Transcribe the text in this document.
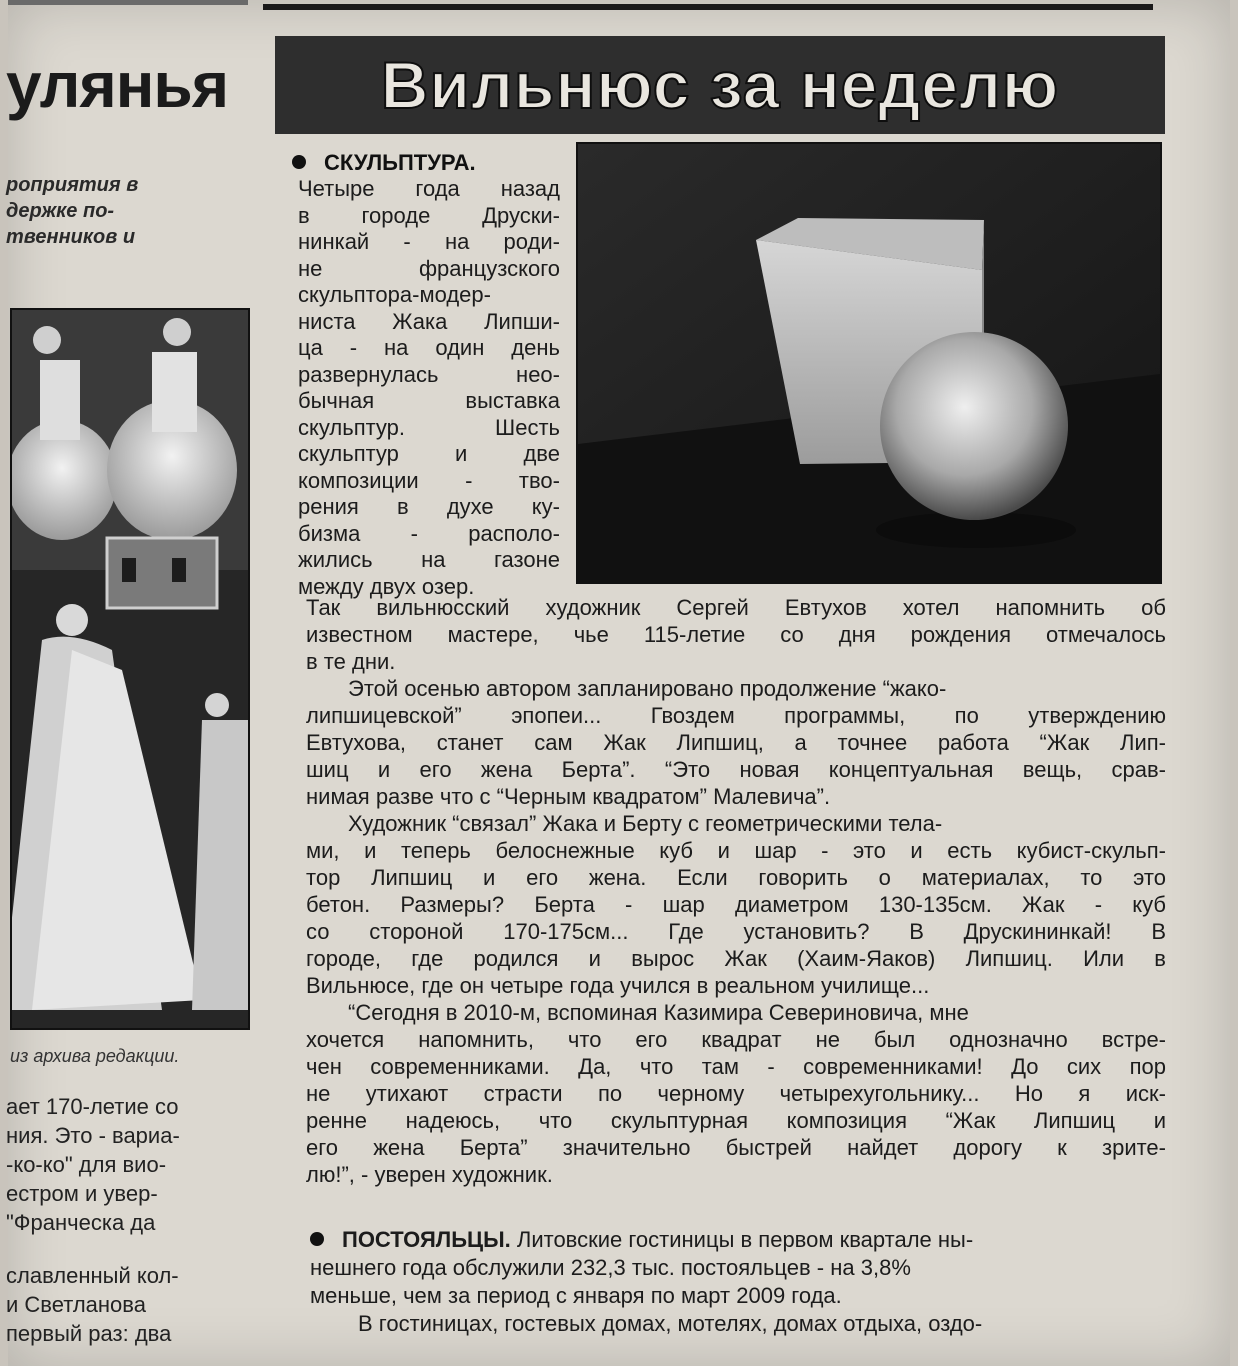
улянья
роприятия в
держке по-
твенников и
из архива редакции.
ает 170-летие со
ния. Это - вариа-
-ко-ко" для вио-
естром и увер-
"Франческа да
славленный кол-
и Светланова
первый раз: два
Вильнюс за неделю
СКУЛЬПТУРА.
Четыре года назад
в городе Друски-
нинкай - на роди-
не французского
скульптора-модер-
ниста Жака Липши-
ца - на один день
развернулась нео-
бычная выставка
скульптур. Шесть
скульптур и две
композиции - тво-
рения в духе ку-
бизма - располо-
жились на газоне
между двух озер.
Так вильнюсский художник Сергей Евтухов хотел напомнить об
известном мастере, чье 115-летие со дня рождения отмечалось
в те дни.
Этой осенью автором запланировано продолжение “жако-
липшицевской” эпопеи... Гвоздем программы, по утверждению
Евтухова, станет сам Жак Липшиц, а точнее работа “Жак Лип-
шиц и его жена Берта”. “Это новая концептуальная вещь, срав-
нимая разве что с “Черным квадратом” Малевича”.
Художник “связал” Жака и Берту с геометрическими тела-
ми, и теперь белоснежные куб и шар - это и есть кубист-скульп-
тор Липшиц и его жена. Если говорить о материалах, то это
бетон. Размеры? Берта - шар диаметром 130-135см. Жак - куб
со стороной 170-175см... Где установить? В Друскининкай! В
городе, где родился и вырос Жак (Хаим-Яаков) Липшиц. Или в
Вильнюсе, где он четыре года учился в реальном училище...
“Сегодня в 2010-м, вспоминая Казимира Севериновича, мне
хочется напомнить, что его квадрат не был однозначно встре-
чен современниками. Да, что там - современниками! До сих пор
не утихают страсти по черному четырехугольнику... Но я иск-
ренне надеюсь, что скульптурная композиция “Жак Липшиц и
его жена Берта” значительно быстрей найдет дорогу к зрите-
лю!”, - уверен художник.
ПОСТОЯЛЬЦЫ. Литовские гостиницы в первом квартале ны-
нешнего года обслужили 232,3 тыс. постояльцев - на 3,8%
меньше, чем за период с января по март 2009 года.
В гостиницах, гостевых домах, мотелях, домах отдыха, оздо-
